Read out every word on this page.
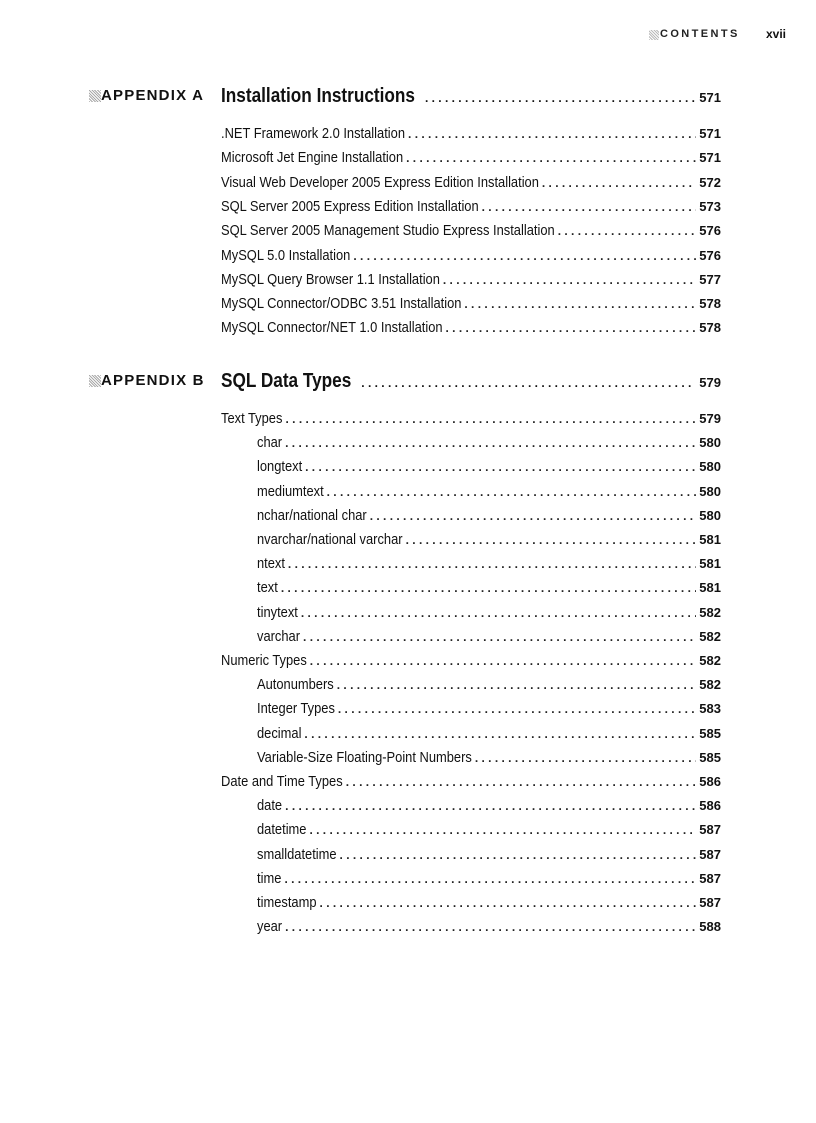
CONTENTS xvii
APPENDIX A Installation Instructions . . .	571
.NET Framework 2.0 Installation . . .	571
Microsoft Jet Engine Installation . . .	571
Visual Web Developer 2005 Express Edition Installation . . .	572
SQL Server 2005 Express Edition Installation . . .	573
SQL Server 2005 Management Studio Express Installation . . .	576
MySQL 5.0 Installation . . .	576
MySQL Query Browser 1.1 Installation . . .	577
MySQL Connector/ODBC 3.51 Installation . . .	578
MySQL Connector/NET 1.0 Installation . . .	578
APPENDIX B SQL Data Types . . .	579
Text Types . . .	579
char . . .	580
longtext . . .	580
mediumtext . . .	580
nchar/national char . . .	580
nvarchar/national varchar . . .	581
ntext . . .	581
text . . .	581
tinytext . . .	582
varchar . . .	582
Numeric Types . . .	582
Autonumbers . . .	582
Integer Types . . .	583
decimal . . .	585
Variable-Size Floating-Point Numbers . . .	585
Date and Time Types . . .	586
date . . .	586
datetime . . .	587
smalldatetime . . .	587
time . . .	587
timestamp . . .	587
year . . .	588
